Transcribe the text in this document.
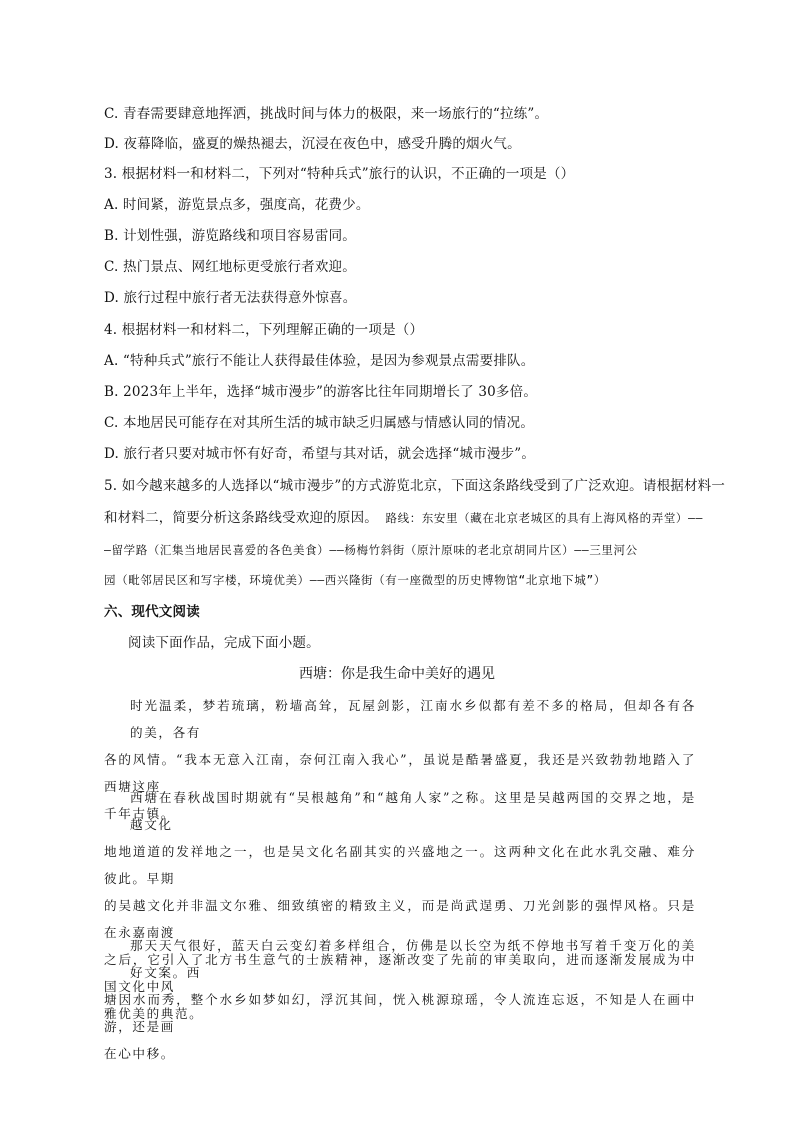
C. 青春需要肆意地挥洒，挑战时间与体力的极限，来一场旅行的“拉练”。
D. 夜幕降临，盛夏的燥热褪去，沉浸在夜色中，感受升腾的烟火气。
3. 根据材料一和材料二，下列对“特种兵式”旅行的认识，不正确的一项是（）
A. 时间紧，游览景点多，强度高，花费少。
B. 计划性强，游览路线和项目容易雷同。
C. 热门景点、网红地标更受旅行者欢迎。
D. 旅行过程中旅行者无法获得意外惊喜。
4. 根据材料一和材料二，下列理解正确的一项是（）
A. “特种兵式”旅行不能让人获得最佳体验，是因为参观景点需要排队。
B. 2023年上半年，选择“城市漫步”的游客比往年同期增长了 30多倍。
C. 本地居民可能存在对其所生活的城市缺乏归属感与情感认同的情况。
D. 旅行者只要对城市怀有好奇，希望与其对话，就会选择“城市漫步”。
5. 如今越来越多的人选择以“城市漫步”的方式游览北京，下面这条路线受到了广泛欢迎。请根据材料一
和材料二，简要分析这条路线受欢迎的原因。 路线：东安里（藏在北京老城区的具有上海风格的弄堂）——
—留学路（汇集当地居民喜爱的各色美食）——杨梅竹斜街（原汁原味的老北京胡同片区）——三里河公
园（毗邻居民区和写字楼，环境优美）——西兴隆街（有一座微型的历史博物馆“北京地下城”）
六、现代文阅读
阅读下面作品，完成下面小题。
西塘：你是我生命中美好的遇见
时光温柔，梦若琉璃，粉墙高耸，瓦屋剑影，江南水乡似都有差不多的格局，但却各有各的美，各有
各的风情。“我本无意入江南，奈何江南入我心”，虽说是酷暑盛夏，我还是兴致勃勃地踏入了西塘这座
千年古镇。
西塘在春秋战国时期就有“吴根越角”和“越角人家”之称。这里是吴越两国的交界之地，是越文化
地地道道的发祥地之一，也是吴文化名副其实的兴盛地之一。这两种文化在此水乳交融、难分彼此。早期
的吴越文化并非温文尔雅、细致缜密的精致主义，而是尚武逞勇、刀光剑影的强悍风格。只是在永嘉南渡
之后，它引入了北方书生意气的士族精神，逐渐改变了先前的审美取向，进而逐渐发展成为中国文化中风
雅优美的典范。
那天天气很好，蓝天白云变幻着多样组合，仿佛是以长空为纸不停地书写着千变万化的美好文案。西
塘因水而秀，整个水乡如梦如幻，浮沉其间，恍入桃源琼瑶，令人流连忘返，不知是人在画中游，还是画
在心中移。
